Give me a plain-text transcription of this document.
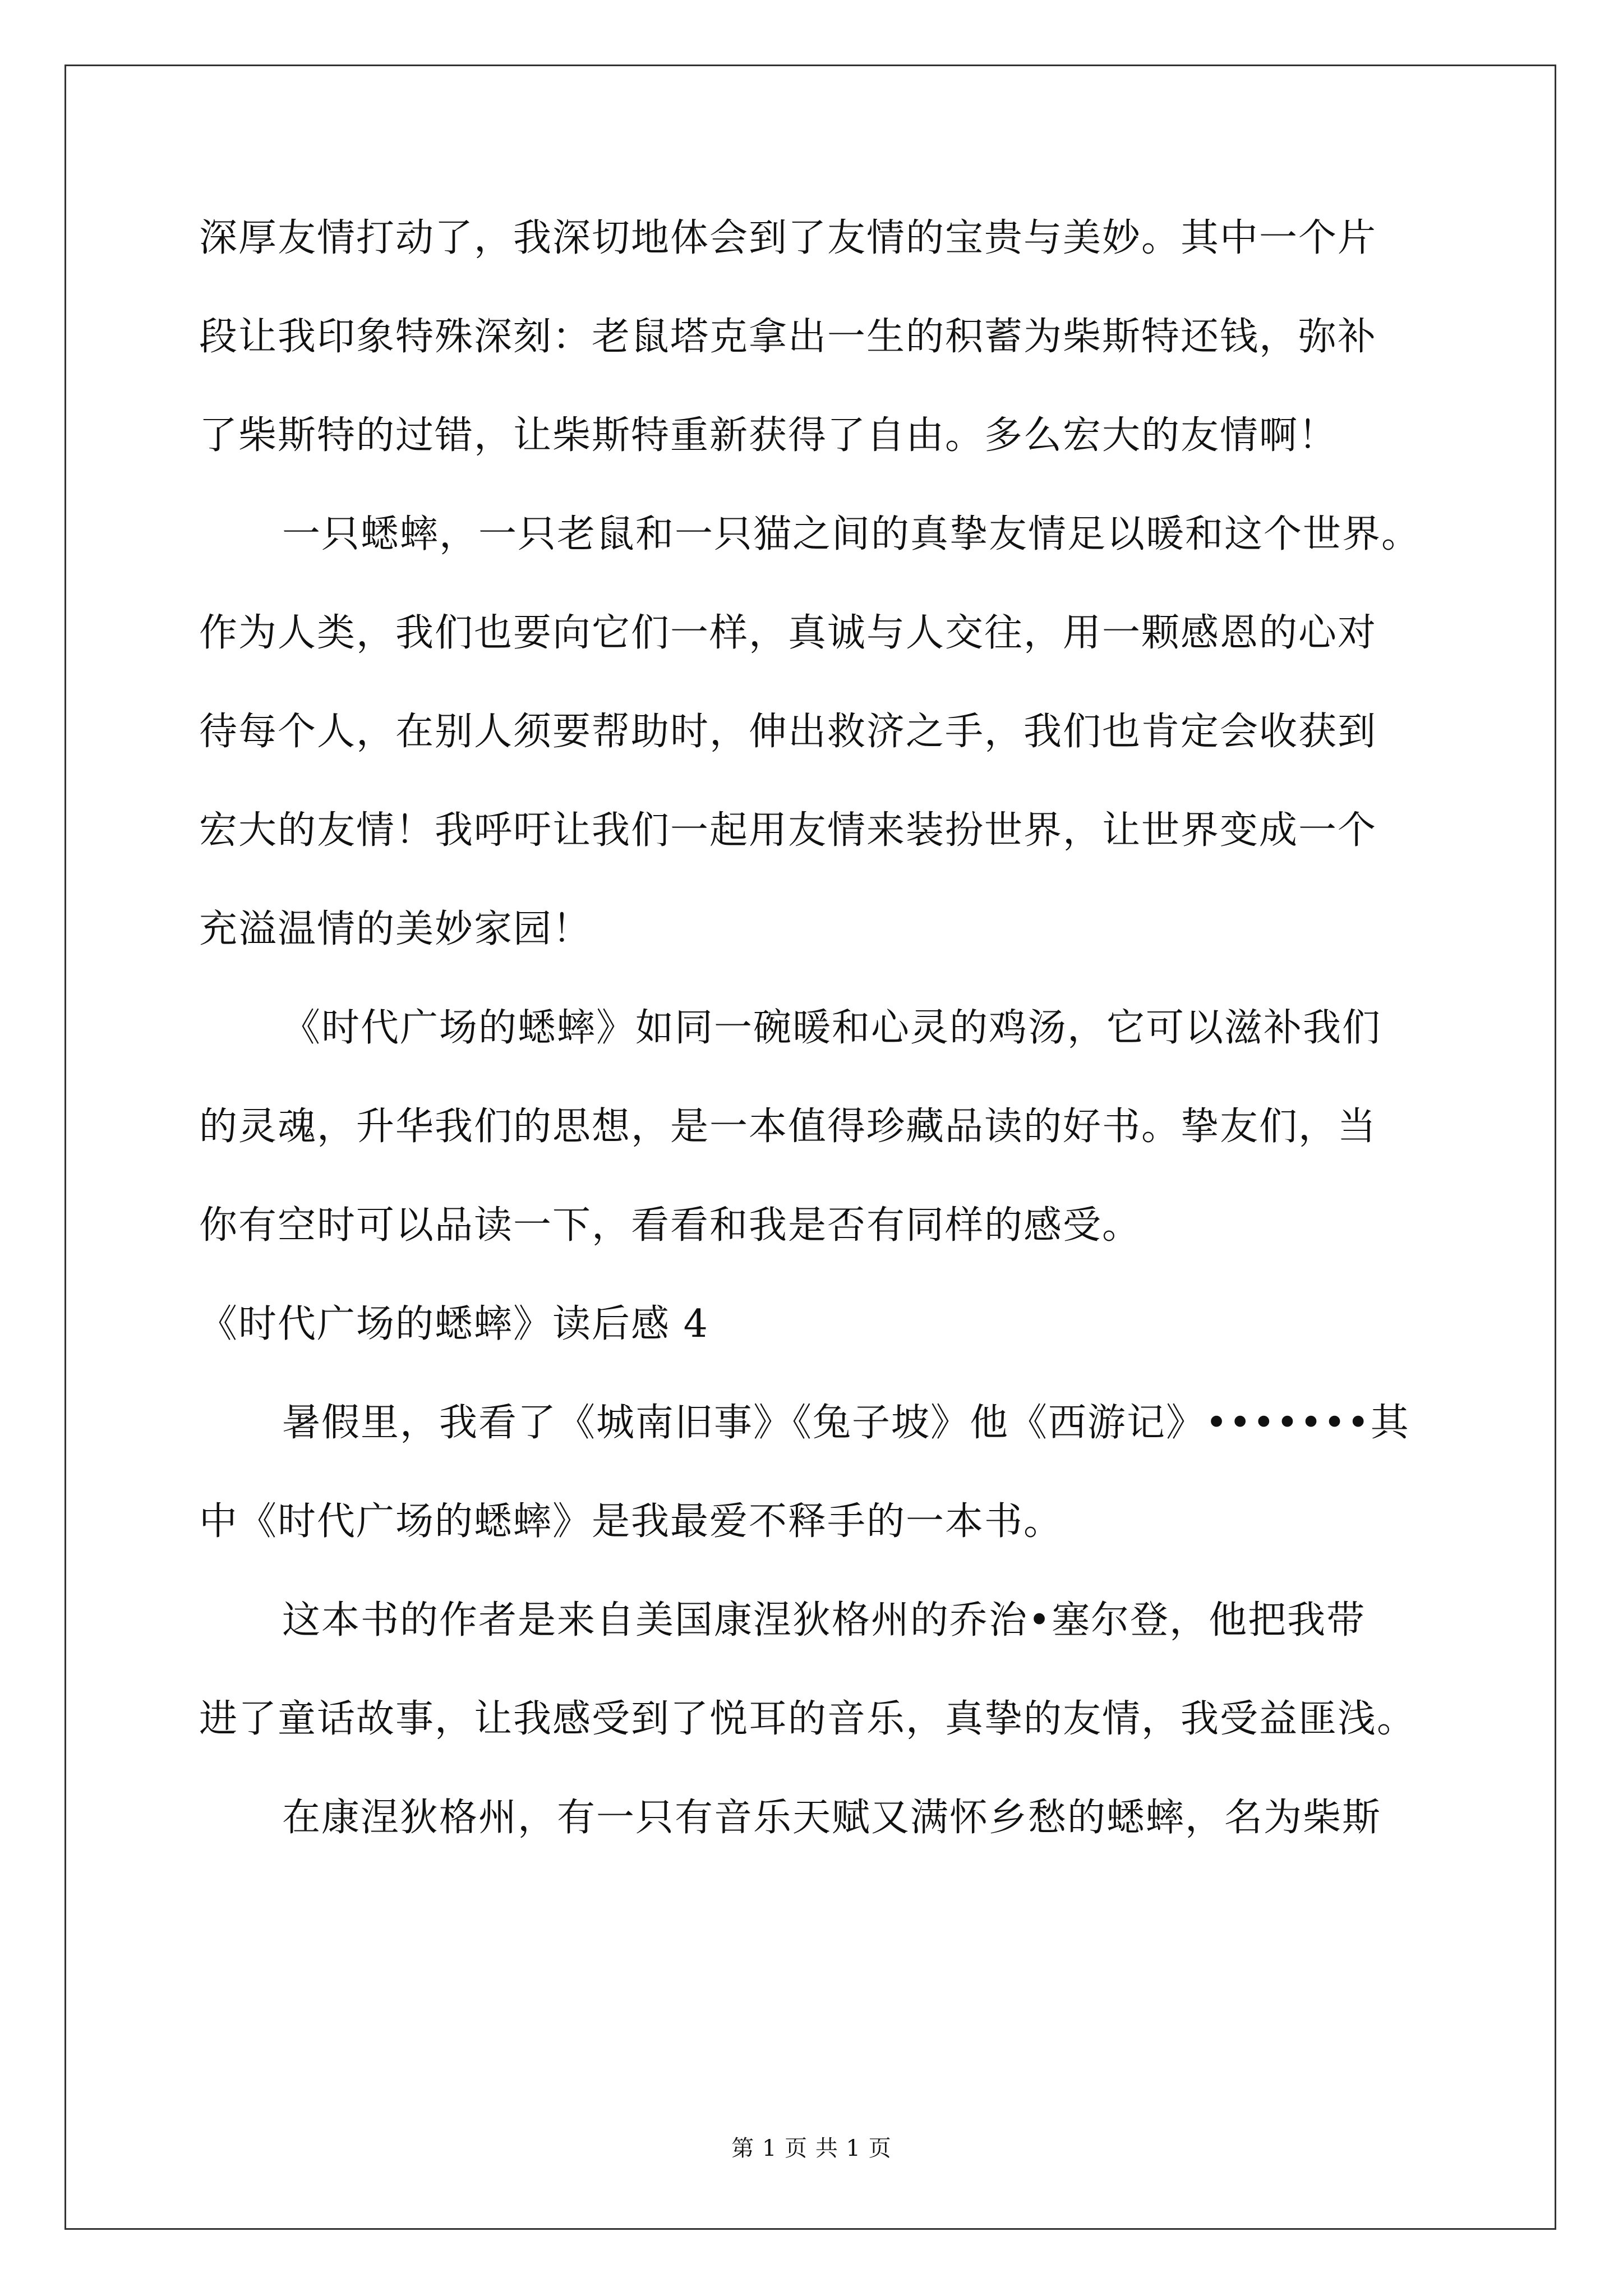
深厚友情打动了，我深切地体会到了友情的宝贵与美妙。其中一个片
段让我印象特殊深刻：老鼠塔克拿出一生的积蓄为柴斯特还钱，弥补
了柴斯特的过错，让柴斯特重新获得了自由。多么宏大的友情啊！
一只蟋蟀，一只老鼠和一只猫之间的真挚友情足以暖和这个世界。
作为人类，我们也要向它们一样，真诚与人交往，用一颗感恩的心对
待每个人，在别人须要帮助时，伸出救济之手，我们也肯定会收获到
宏大的友情！我呼吁让我们一起用友情来装扮世界，让世界变成一个
充溢温情的美妙家园！
《时代广场的蟋蟀》如同一碗暖和心灵的鸡汤，它可以滋补我们
的灵魂，升华我们的思想，是一本值得珍藏品读的好书。挚友们，当
你有空时可以品读一下，看看和我是否有同样的感受。
《时代广场的蟋蟀》读后感 4
暑假里，我看了《城南旧事》《兔子坡》他《西游记》•••••••其
中《时代广场的蟋蟀》是我最爱不释手的一本书。
这本书的作者是来自美国康涅狄格州的乔治•塞尔登，他把我带
进了童话故事，让我感受到了悦耳的音乐，真挚的友情，我受益匪浅。
在康涅狄格州，有一只有音乐天赋又满怀乡愁的蟋蟀，名为柴斯
第 1 页 共 1 页
